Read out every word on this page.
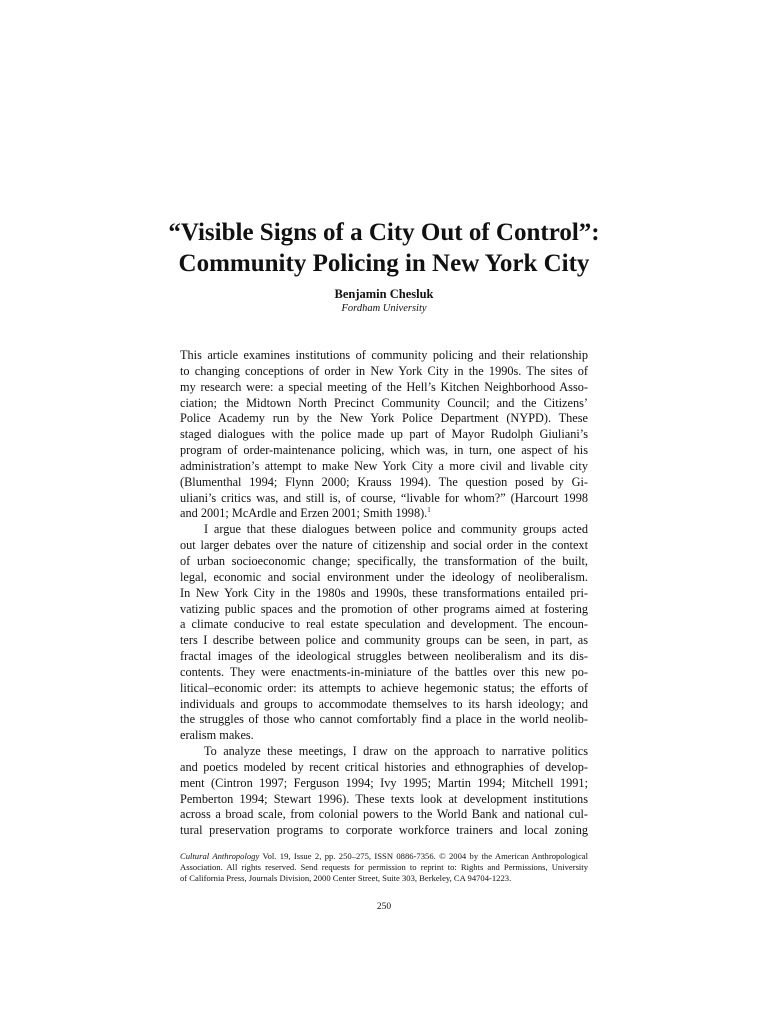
“Visible Signs of a City Out of Control”:
Community Policing in New York City
Benjamin Chesluk
Fordham University

This article examines institutions of community policing and their relationship
to changing conceptions of order in New York City in the 1990s. The sites of
my research were: a special meeting of the Hell’s Kitchen Neighborhood Asso-
ciation; the Midtown North Precinct Community Council; and the Citizens’
Police Academy run by the New York Police Department (NYPD). These
staged dialogues with the police made up part of Mayor Rudolph Giuliani’s
program of order-maintenance policing, which was, in turn, one aspect of his
administration’s attempt to make New York City a more civil and livable city
(Blumenthal 1994; Flynn 2000; Krauss 1994). The question posed by Gi-
uliani’s critics was, and still is, of course, “livable for whom?” (Harcourt 1998
and 2001; McArdle and Erzen 2001; Smith 1998).$^1$

I argue that these dialogues between police and community groups acted
out larger debates over the nature of citizenship and social order in the context
of urban socioeconomic change; specifically, the transformation of the built,
legal, economic and social environment under the ideology of neoliberalism.
In New York City in the 1980s and 1990s, these transformations entailed pri-
vatizing public spaces and the promotion of other programs aimed at fostering
a climate conducive to real estate speculation and development. The encoun-
ters I describe between police and community groups can be seen, in part, as
fractal images of the ideological struggles between neoliberalism and its dis-
contents. They were enactments-in-miniature of the battles over this new po-
litical–economic order: its attempts to achieve hegemonic status; the efforts of
individuals and groups to accommodate themselves to its harsh ideology; and
the struggles of those who cannot comfortably find a place in the world neolib-
eralism makes.

To analyze these meetings, I draw on the approach to narrative politics
and poetics modeled by recent critical histories and ethnographies of develop-
ment (Cintron 1997; Ferguson 1994; Ivy 1995; Martin 1994; Mitchell 1991;
Pemberton 1994; Stewart 1996). These texts look at development institutions
across a broad scale, from colonial powers to the World Bank and national cul-
tural preservation programs to corporate workforce trainers and local zoning

Cultural Anthropology Vol. 19, Issue 2, pp. 250–275, ISSN 0886-7356. © 2004 by the American Anthropological
Association. All rights reserved. Send requests for permission to reprint to: Rights and Permissions, University
of California Press, Journals Division, 2000 Center Street, Suite 303, Berkeley, CA 94704-1223.
250
